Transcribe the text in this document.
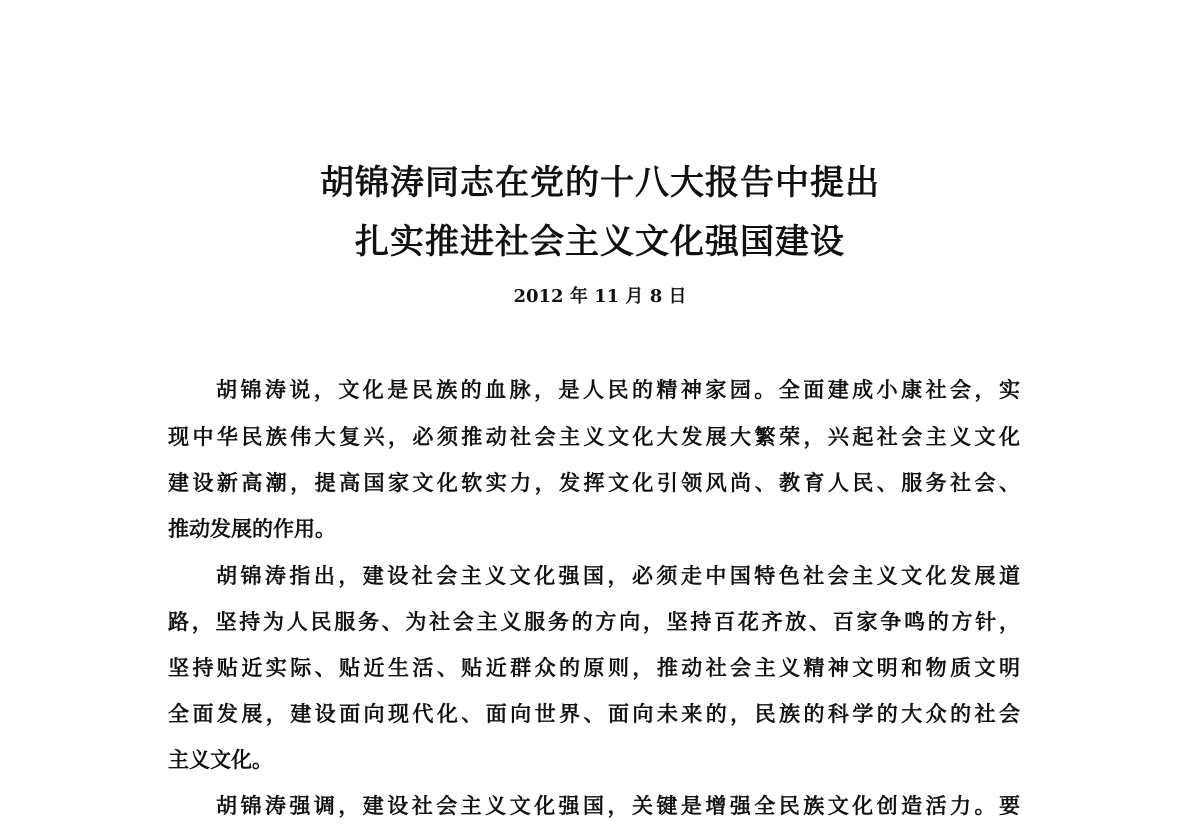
胡锦涛同志在党的十八大报告中提出
扎实推进社会主义文化强国建设
2012 年 11 月 8 日
胡锦涛说，文化是民族的血脉，是人民的精神家园。全面建成小康社会，实
现中华民族伟大复兴，必须推动社会主义文化大发展大繁荣，兴起社会主义文化
建设新高潮，提高国家文化软实力，发挥文化引领风尚、教育人民、服务社会、
推动发展的作用。
胡锦涛指出，建设社会主义文化强国，必须走中国特色社会主义文化发展道
路，坚持为人民服务、为社会主义服务的方向，坚持百花齐放、百家争鸣的方针，
坚持贴近实际、贴近生活、贴近群众的原则，推动社会主义精神文明和物质文明
全面发展，建设面向现代化、面向世界、面向未来的，民族的科学的大众的社会
主义文化。
胡锦涛强调，建设社会主义文化强国，关键是增强全民族文化创造活力。要
